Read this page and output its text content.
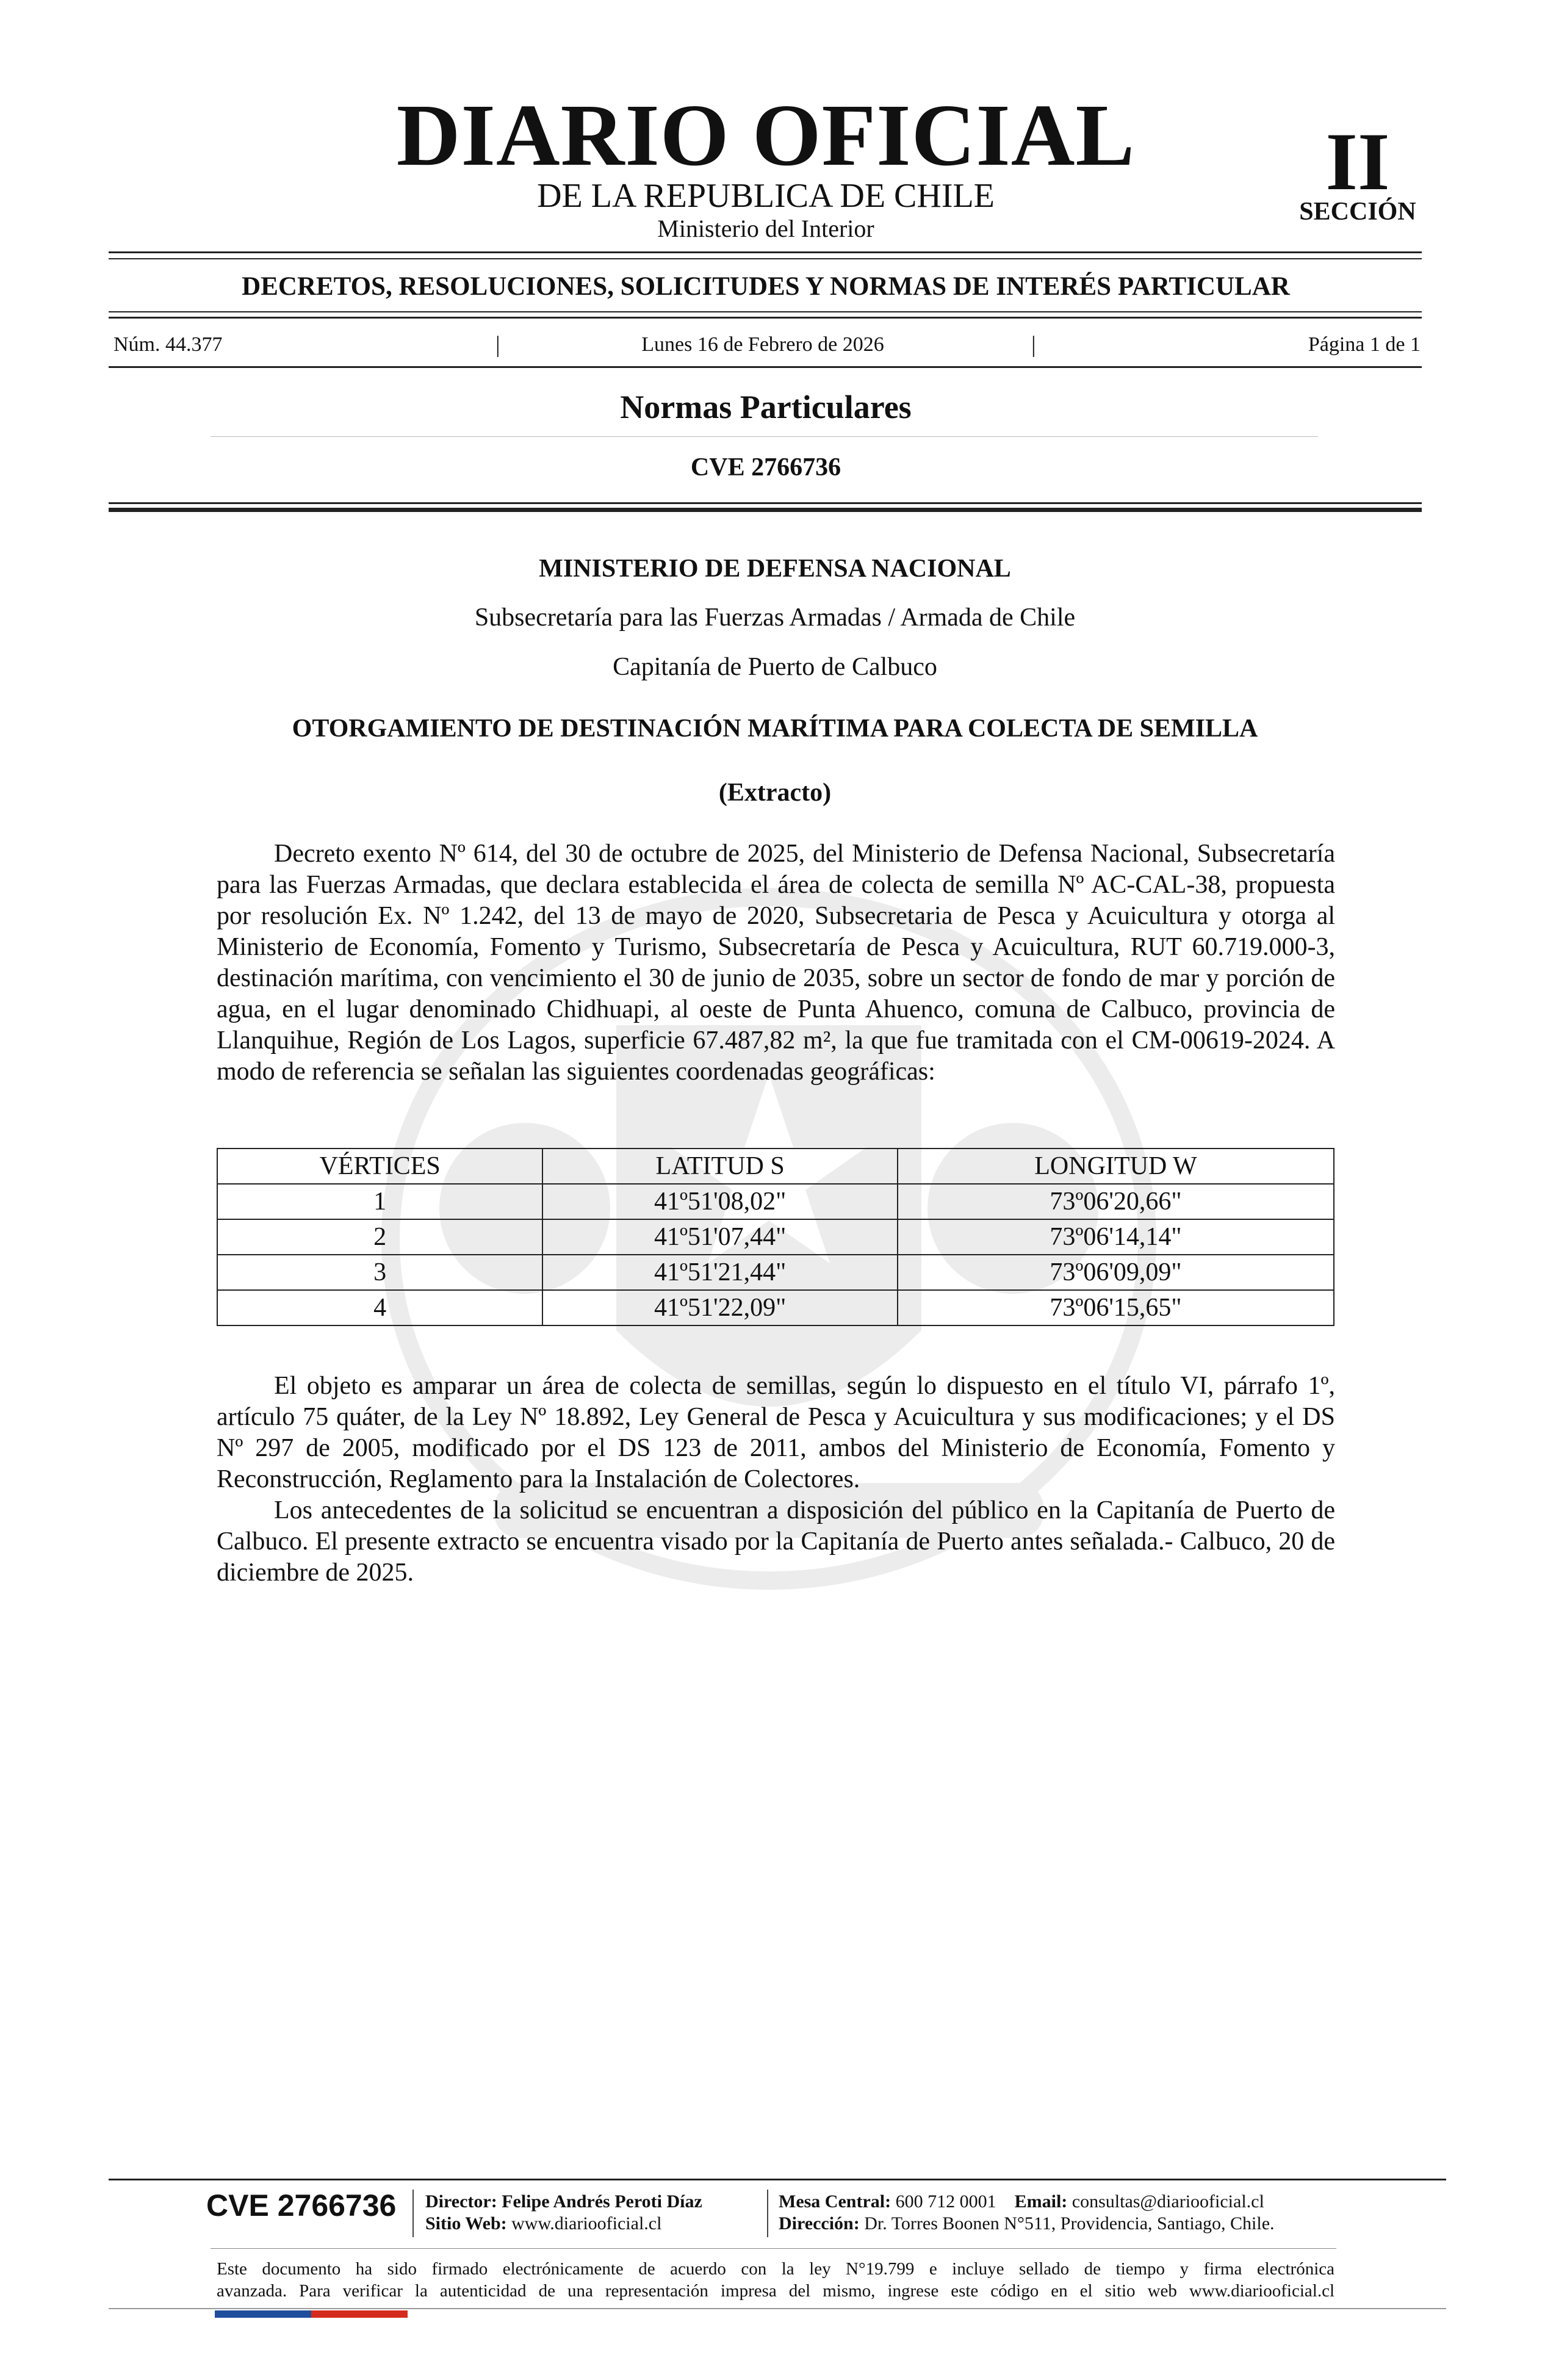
DIARIO OFICIAL
DE LA REPUBLICA DE CHILE
Ministerio del Interior
II
SECCIÓN
DECRETOS, RESOLUCIONES, SOLICITUDES Y NORMAS DE INTERÉS PARTICULAR
Núm. 44.377	|	Lunes 16 de Febrero de 2026	|	Página 1 de 1
Normas Particulares
CVE 2766736
MINISTERIO DE DEFENSA NACIONAL
Subsecretaría para las Fuerzas Armadas / Armada de Chile
Capitanía de Puerto de Calbuco
OTORGAMIENTO DE DESTINACIÓN MARÍTIMA PARA COLECTA DE SEMILLA
(Extracto)

Decreto exento Nº 614, del 30 de octubre de 2025, del Ministerio de Defensa Nacional, Subsecretaría para las Fuerzas Armadas, que declara establecida el área de colecta de semilla Nº AC-CAL-38, propuesta por resolución Ex. Nº 1.242, del 13 de mayo de 2020, Subsecretaria de Pesca y Acuicultura y otorga al Ministerio de Economía, Fomento y Turismo, Subsecretaría de Pesca y Acuicultura, RUT 60.719.000-3, destinación marítima, con vencimiento el 30 de junio de 2035, sobre un sector de fondo de mar y porción de agua, en el lugar denominado Chidhuapi, al oeste de Punta Ahuenco, comuna de Calbuco, provincia de Llanquihue, Región de Los Lagos, superficie 67.487,82 m², la que fue tramitada con el CM-00619-2024. A modo de referencia se señalan las siguientes coordenadas geográficas:

VÉRTICES	LATITUD S	LONGITUD W
1	41º51'08,02"	73º06'20,66"
2	41º51'07,44"	73º06'14,14"
3	41º51'21,44"	73º06'09,09"
4	41º51'22,09"	73º06'15,65"

El objeto es amparar un área de colecta de semillas, según lo dispuesto en el título VI, párrafo 1º, artículo 75 quáter, de la Ley Nº 18.892, Ley General de Pesca y Acuicultura y sus modificaciones; y el DS Nº 297 de 2005, modificado por el DS 123 de 2011, ambos del Ministerio de Economía, Fomento y Reconstrucción, Reglamento para la Instalación de Colectores.

Los antecedentes de la solicitud se encuentran a disposición del público en la Capitanía de Puerto de Calbuco. El presente extracto se encuentra visado por la Capitanía de Puerto antes señalada.- Calbuco, 20 de diciembre de 2025.

CVE 2766736 Director: Felipe Andrés Peroti Díaz
Sitio Web: www.diariooficial.cl
Mesa Central: 600 712 0001 Email: consultas@diariooficial.cl
Dirección: Dr. Torres Boonen N°511, Providencia, Santiago, Chile.
Este documento ha sido firmado electrónicamente de acuerdo con la ley N°19.799 e incluye sellado de tiempo y firma electrónica
avanzada. Para verificar la autenticidad de una representación impresa del mismo, ingrese este código en el sitio web www.diariooficial.cl
